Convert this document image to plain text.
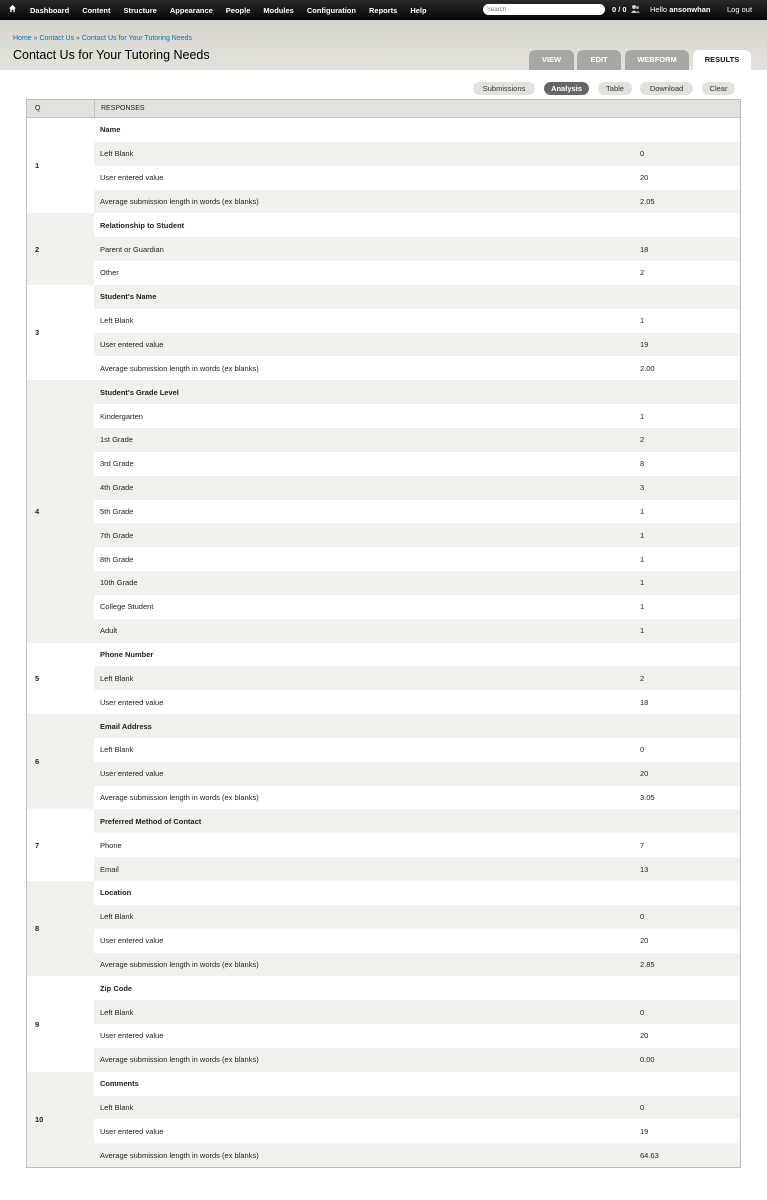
Dashboard Content Structure Appearance People Modules Configuration Reports Help
Search	0 / 0	Hello ansonwhan Log out
Home » Contact Us » Contact Us for Your Tutoring Needs
Contact Us for Your Tutoring Needs	VIEW	EDIT	WEBFORM	RESULTS
Submissions	Analysis	Table	Download	Clear
Q	RESPONSES
1
Name
Left Blank	0
User entered value	20
Average submission length in words (ex blanks)	2.05
2
Relationship to Student
Parent or Guardian	18
Other	2
3
Student's Name
Left Blank	1
User entered value	19
Average submission length in words (ex blanks)	2.00
4
Student's Grade Level
Kindergarten	1
1st Grade	2
3rd Grade	8
4th Grade	3
5th Grade	1
7th Grade	1
8th Grade	1
10th Grade	1
College Student	1
Adult	1
5
Phone Number
Left Blank	2
User entered value	18
6
Email Address
Left Blank	0
User entered value	20
Average submission length in words (ex blanks)	3.05
7
Preferred Method of Contact
Phone	7
Email	13
8
Location
Left Blank	0
User entered value	20
Average submission length in words (ex blanks)	2.85
9
Zip Code
Left Blank	0
User entered value	20
Average submission length in words (ex blanks)	0.00
10
Comments
Left Blank	0
User entered value	19
Average submission length in words (ex blanks)	64.63
